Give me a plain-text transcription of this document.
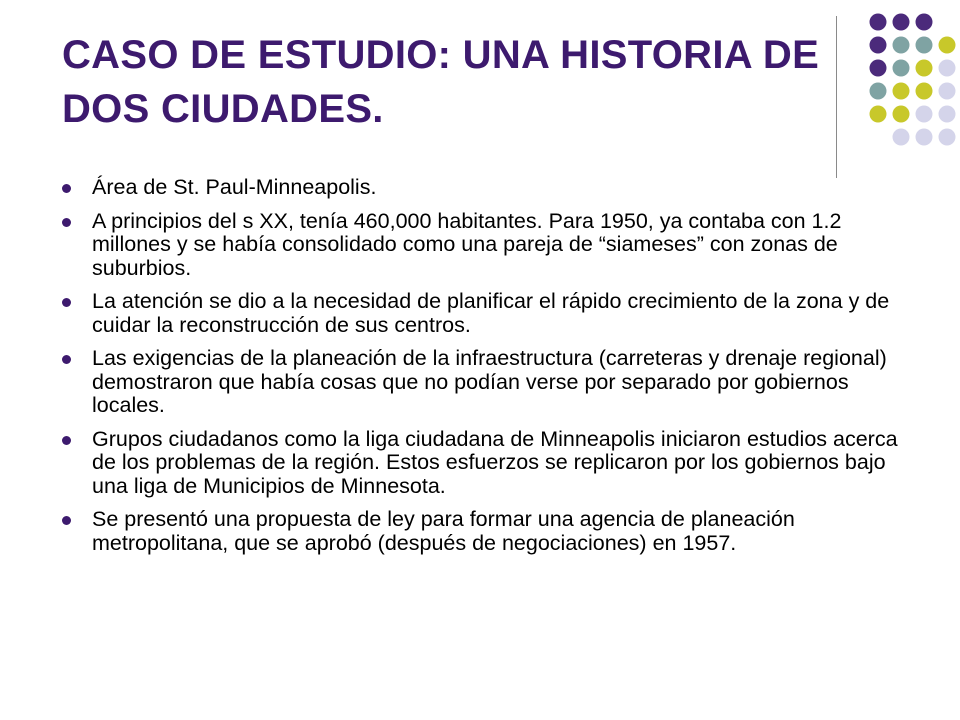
CASO DE ESTUDIO: UNA HISTORIA DE DOS CIUDADES.
Área de St. Paul-Minneapolis.
A principios del s XX, tenía 460,000 habitantes. Para 1950, ya contaba con 1.2 millones y se había consolidado como una pareja de “siameses” con zonas de suburbios.
La atención se dio a la necesidad de planificar el rápido crecimiento de la zona y de cuidar la reconstrucción de sus centros.
Las exigencias de la planeación de la infraestructura (carreteras y drenaje regional) demostraron que había cosas que no podían verse por separado por gobiernos locales.
Grupos ciudadanos como la liga ciudadana de Minneapolis iniciaron estudios acerca de los problemas de la región. Estos esfuerzos se replicaron por los gobiernos bajo una liga de Municipios de Minnesota.
Se presentó una propuesta de ley para formar una agencia de planeación metropolitana, que se aprobó (después de negociaciones) en 1957.
